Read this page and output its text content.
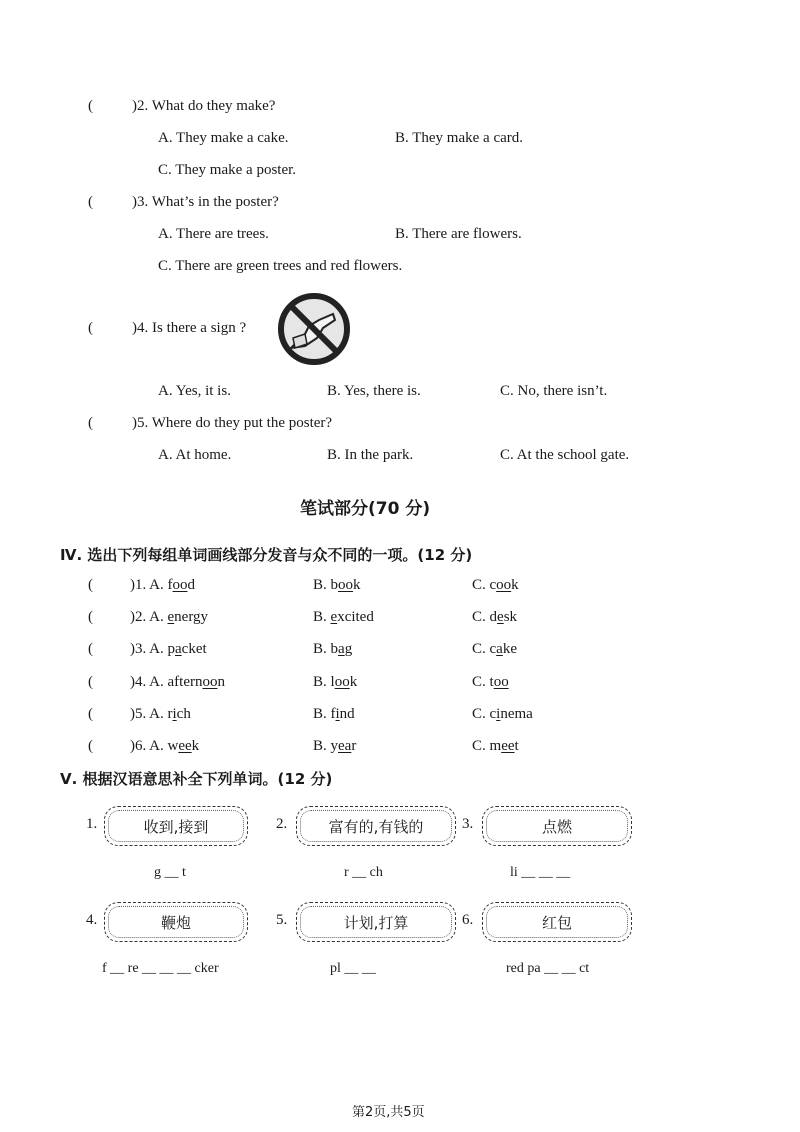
(	)2. What do they make?
A. They make a cake.	B. They make a card.
C. They make a poster.
(	)3. What’s in the poster?
A. There are trees.	B. There are flowers.
C. There are green trees and red flowers.
(	)4. Is there a sign ?
A. Yes, it is.	B. Yes, there is.	C. No, there isn’t.
(	)5. Where do they put the poster?
A. At home.	B. In the park.	C. At the school gate.
笔试部分(70 分)
Ⅳ. 选出下列每组单词画线部分发音与众不同的一项。(12 分)
( )1. A. food	B. book	C. cook
( )2. A. energy	B. excited	C. desk
( )3. A. packet	B. bag	C. cake
( )4. A. afternoon	B. look	C. too
( )5. A. rich	B. find	C. cinema
( )6. A. week	B. year	C. meet
Ⅴ. 根据汉语意思补全下列单词。(12 分)
1.	收到,接到
g __ t
2.	富有的,有钱的
r __ ch
3.	点燃
li __ __ __
4.	鞭炮
f __ re __ __ __ cker
5.	计划,打算
pl __ __
6.	红包
red pa __ __ ct
第2页,共5页
